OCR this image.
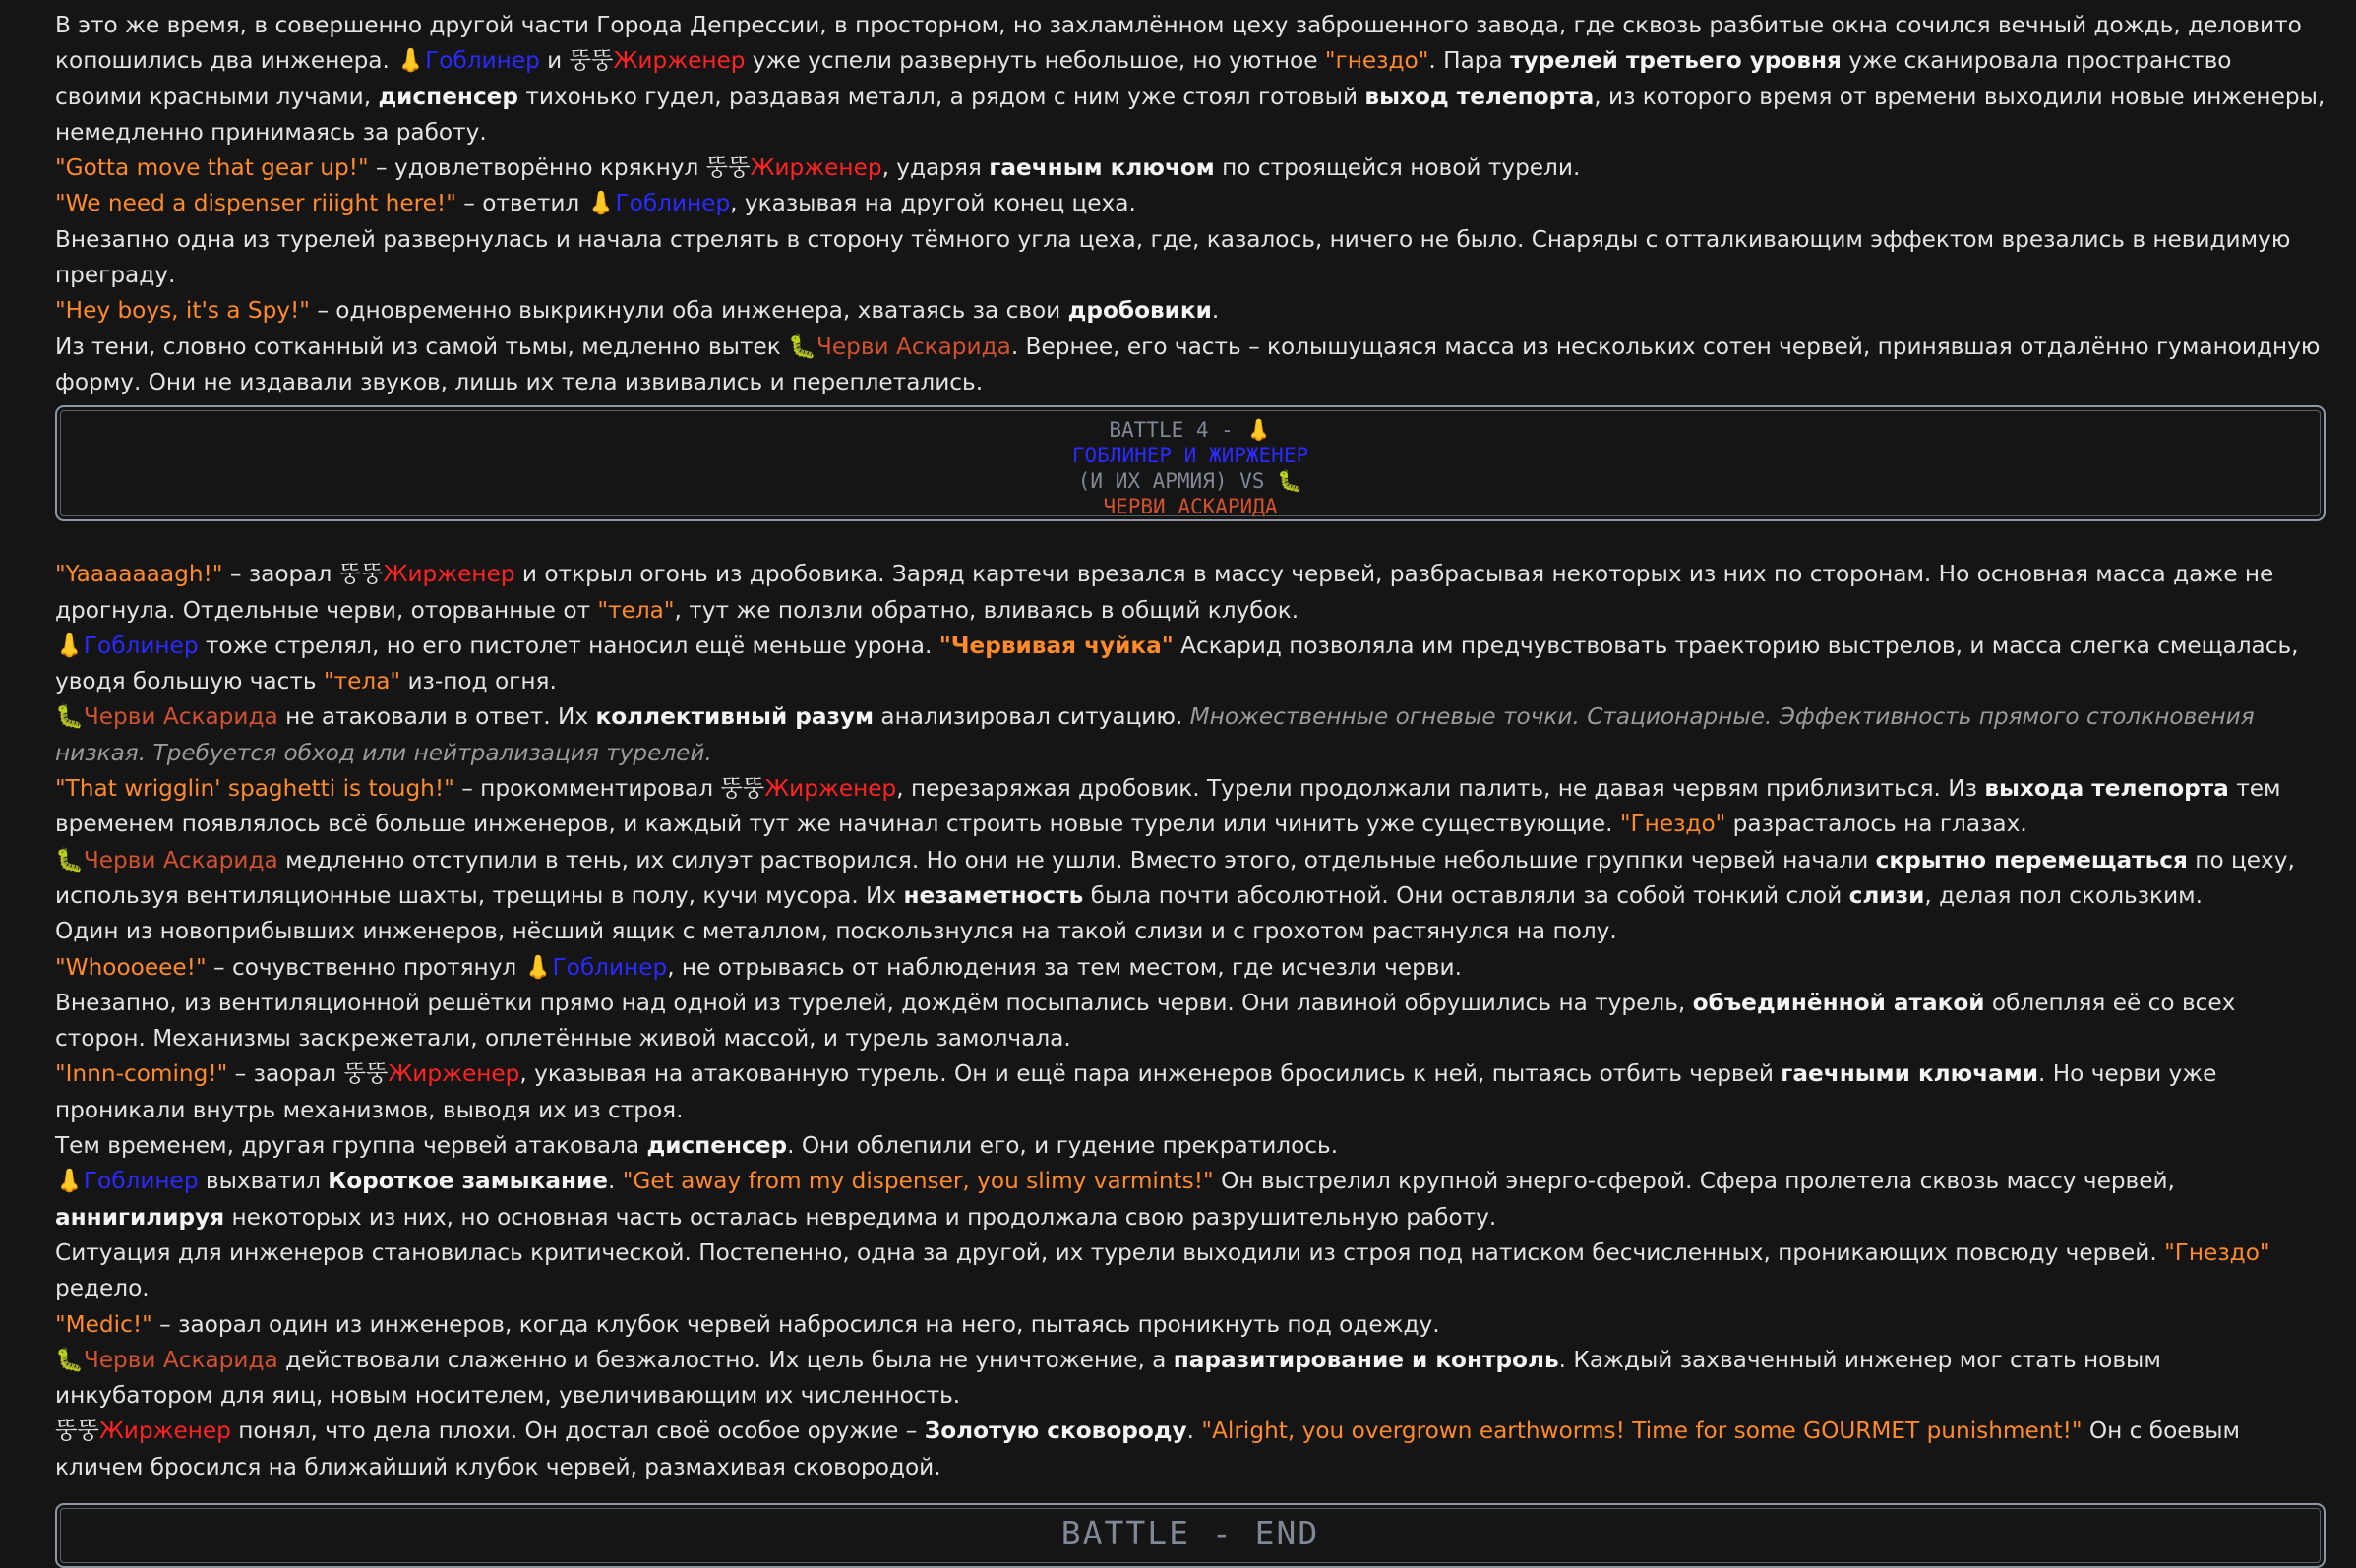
В это же время, в совершенно другой части Города Депрессии, в просторном, но захламлённом цеху заброшенного завода, где сквозь разбитые окна сочился вечный дождь, деловито копошились два инженера. 👃Гоблинер и 뚱뚱Жирженер уже успели развернуть небольшое, но уютное "гнездо". Пара турелей третьего уровня уже сканировала пространство своими красными лучами, диспенсер тихонько гудел, раздавая металл, а рядом с ним уже стоял готовый выход телепорта, из которого время от времени выходили новые инженеры, немедленно принимаясь за работу.

"Gotta move that gear up!" – удовлетворённо крякнул 뚱뚱Жирженер, ударяя гаечным ключом по строящейся новой турели.

"We need a dispenser riiight here!" – ответил 👃Гоблинер, указывая на другой конец цеха.

Внезапно одна из турелей развернулась и начала стрелять в сторону тёмного угла цеха, где, казалось, ничего не было. Снаряды с отталкивающим эффектом врезались в невидимую преграду.

"Hey boys, it's a Spy!" – одновременно выкрикнули оба инженера, хватаясь за свои дробовики.

Из тени, словно сотканный из самой тьмы, медленно вытек 🐛Черви Аскарида. Вернее, его часть – колышущаяся масса из нескольких сотен червей, принявшая отдалённо гуманоидную форму. Они не издавали звуков, лишь их тела извивались и переплетались.

BATTLE 4 - 👃
ГОБЛИНЕР И ЖИРЖЕНЕР
(И ИХ АРМИЯ) VS 🐛
ЧЕРВИ АСКАРИДА

"Yaaaaaaagh!" – заорал 뚱뚱Жирженер и открыл огонь из дробовика. Заряд картечи врезался в массу червей, разбрасывая некоторых из них по сторонам. Но основная масса даже не дрогнула. Отдельные черви, оторванные от "тела", тут же ползли обратно, вливаясь в общий клубок.

👃Гоблинер тоже стрелял, но его пистолет наносил ещё меньше урона. "Червивая чуйка" Аскарид позволяла им предчувствовать траекторию выстрелов, и масса слегка смещалась, уводя большую часть "тела" из-под огня.

🐛Черви Аскарида не атаковали в ответ. Их коллективный разум анализировал ситуацию. Множественные огневые точки. Стационарные. Эффективность прямого столкновения низкая. Требуется обход или нейтрализация турелей.

"That wrigglin' spaghetti is tough!" – прокомментировал 뚱뚱Жирженер, перезаряжая дробовик. Турели продолжали палить, не давая червям приблизиться. Из выхода телепорта тем временем появлялось всё больше инженеров, и каждый тут же начинал строить новые турели или чинить уже существующие. "Гнездо" разрасталось на глазах.

🐛Черви Аскарида медленно отступили в тень, их силуэт растворился. Но они не ушли. Вместо этого, отдельные небольшие группки червей начали скрытно перемещаться по цеху, используя вентиляционные шахты, трещины в полу, кучи мусора. Их незаметность была почти абсолютной. Они оставляли за собой тонкий слой слизи, делая пол скользким.

Один из новоприбывших инженеров, нёсший ящик с металлом, поскользнулся на такой слизи и с грохотом растянулся на полу.

"Whoooeee!" – сочувственно протянул 👃Гоблинер, не отрываясь от наблюдения за тем местом, где исчезли черви.

Внезапно, из вентиляционной решётки прямо над одной из турелей, дождём посыпались черви. Они лавиной обрушились на турель, объединённой атакой облепляя её со всех сторон. Механизмы заскрежетали, оплетённые живой массой, и турель замолчала.

"Innn-coming!" – заорал 뚱뚱Жирженер, указывая на атакованную турель. Он и ещё пара инженеров бросились к ней, пытаясь отбить червей гаечными ключами. Но черви уже проникали внутрь механизмов, выводя их из строя.

Тем временем, другая группа червей атаковала диспенсер. Они облепили его, и гудение прекратилось.

👃Гоблинер выхватил Короткое замыкание. "Get away from my dispenser, you slimy varmints!" Он выстрелил крупной энерго-сферой. Сфера пролетела сквозь массу червей, аннигилируя некоторых из них, но основная часть осталась невредима и продолжала свою разрушительную работу.

Ситуация для инженеров становилась критической. Постепенно, одна за другой, их турели выходили из строя под натиском бесчисленных, проникающих повсюду червей. "Гнездо" редело.

"Medic!" – заорал один из инженеров, когда клубок червей набросился на него, пытаясь проникнуть под одежду.

🐛Черви Аскарида действовали слаженно и безжалостно. Их цель была не уничтожение, а паразитирование и контроль. Каждый захваченный инженер мог стать новым инкубатором для яиц, новым носителем, увеличивающим их численность.

뚱뚱Жирженер понял, что дела плохи. Он достал своё особое оружие – Золотую сковороду. "Alright, you overgrown earthworms! Time for some GOURMET punishment!" Он с боевым кличем бросился на ближайший клубок червей, размахивая сковородой.

BATTLE - END
